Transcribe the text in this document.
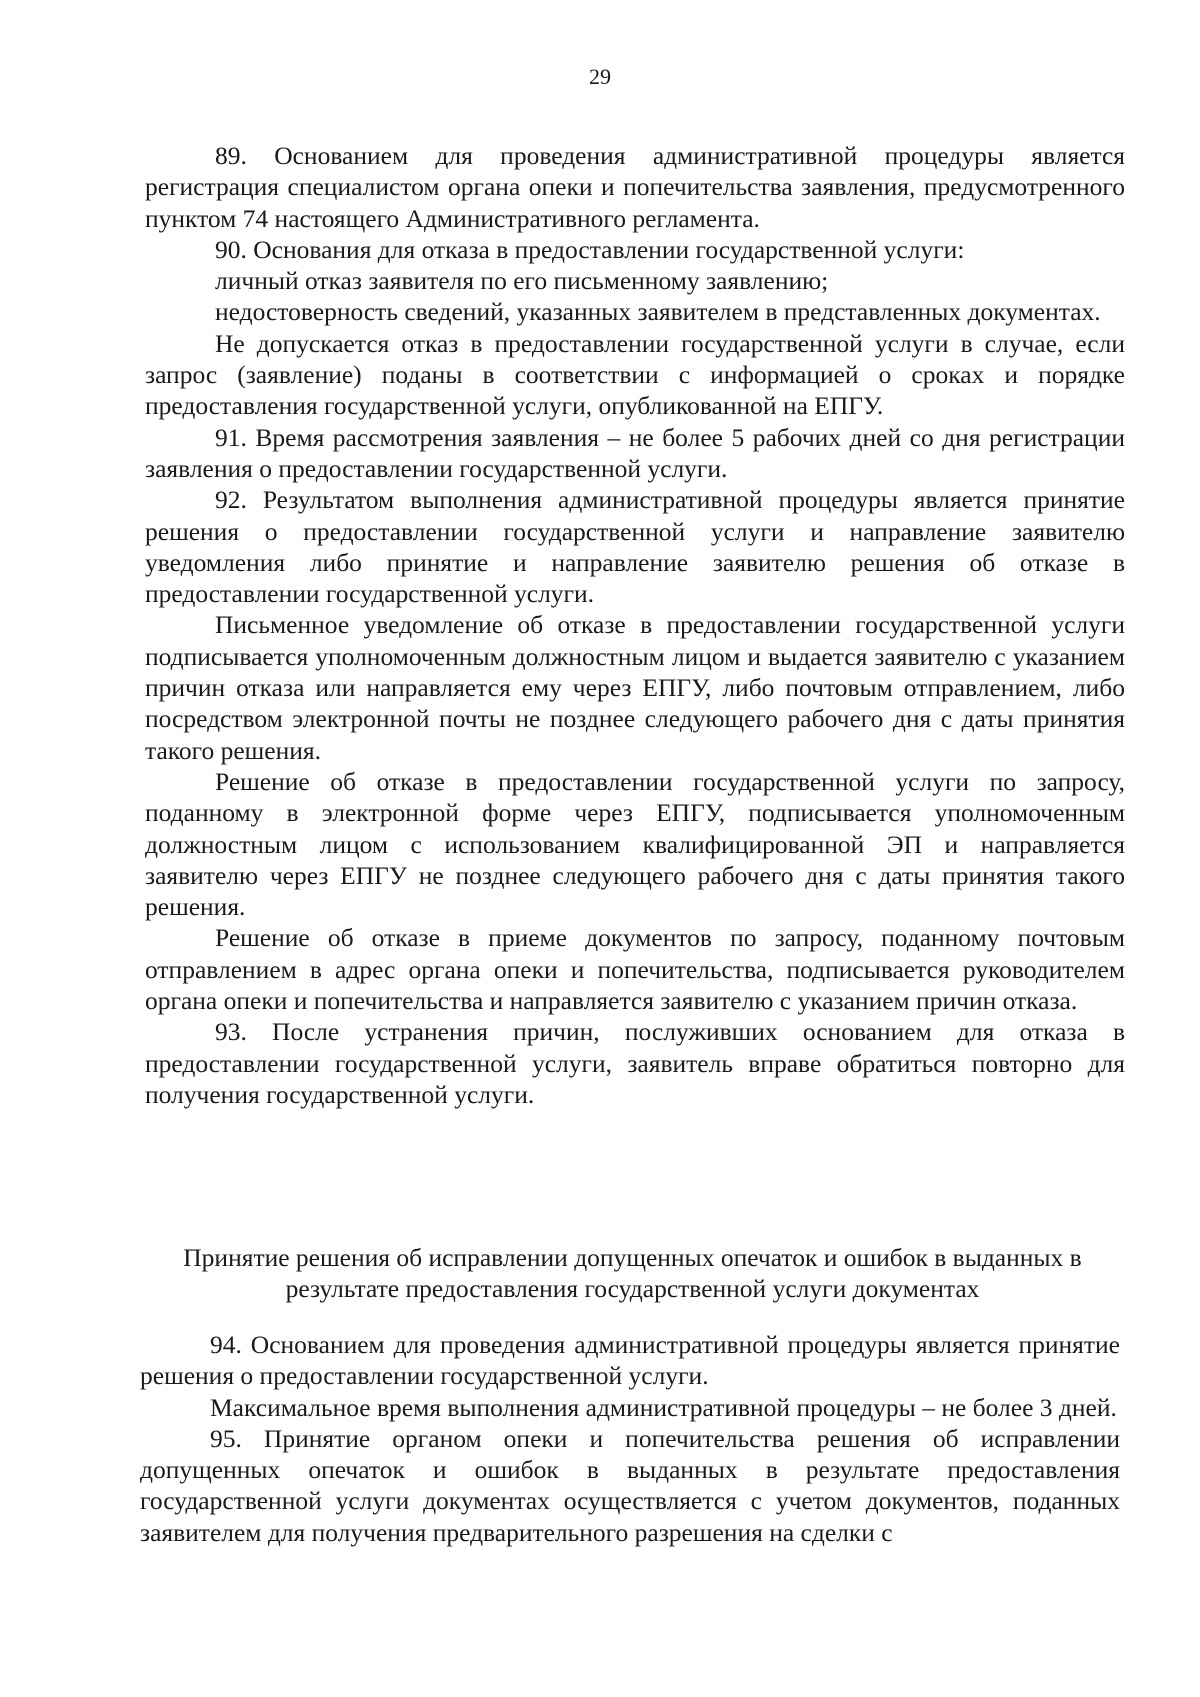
29

89. Основанием для проведения административной процедуры является регистрация специалистом органа опеки и попечительства заявления, предусмотренного пунктом 74 настоящего Административного регламента.

90. Основания для отказа в предоставлении государственной услуги:

личный отказ заявителя по его письменному заявлению;

недостоверность сведений, указанных заявителем в представленных документах.

Не допускается отказ в предоставлении государственной услуги в случае, если запрос (заявление) поданы в соответствии с информацией о сроках и порядке предоставления государственной услуги, опубликованной на ЕПГУ.

91. Время рассмотрения заявления – не более 5 рабочих дней со дня регистрации заявления о предоставлении государственной услуги.

92. Результатом выполнения административной процедуры является принятие решения о предоставлении государственной услуги и направление заявителю уведомления либо принятие и направление заявителю решения об отказе в предоставлении государственной услуги.

Письменное уведомление об отказе в предоставлении государственной услуги подписывается уполномоченным должностным лицом и выдается заявителю с указанием причин отказа или направляется ему через ЕПГУ, либо почтовым отправлением, либо посредством электронной почты не позднее следующего рабочего дня с даты принятия такого решения.

Решение об отказе в предоставлении государственной услуги по запросу, поданному в электронной форме через ЕПГУ, подписывается уполномоченным должностным лицом с использованием квалифицированной ЭП и направляется заявителю через ЕПГУ не позднее следующего рабочего дня с даты принятия такого решения.

Решение об отказе в приеме документов по запросу, поданному почтовым отправлением в адрес органа опеки и попечительства, подписывается руководителем органа опеки и попечительства и направляется заявителю с указанием причин отказа.

93. После устранения причин, послуживших основанием для отказа в предоставлении государственной услуги, заявитель вправе обратиться повторно для получения государственной услуги.

Принятие решения об исправлении допущенных опечаток и ошибок в выданных в результате предоставления государственной услуги документах

94. Основанием для проведения административной процедуры является принятие решения о предоставлении государственной услуги.

Максимальное время выполнения административной процедуры – не более 3 дней.

95. Принятие органом опеки и попечительства решения об исправлении допущенных опечаток и ошибок в выданных в результате предоставления государственной услуги документах осуществляется с учетом документов, поданных заявителем для получения предварительного разрешения на сделки с
